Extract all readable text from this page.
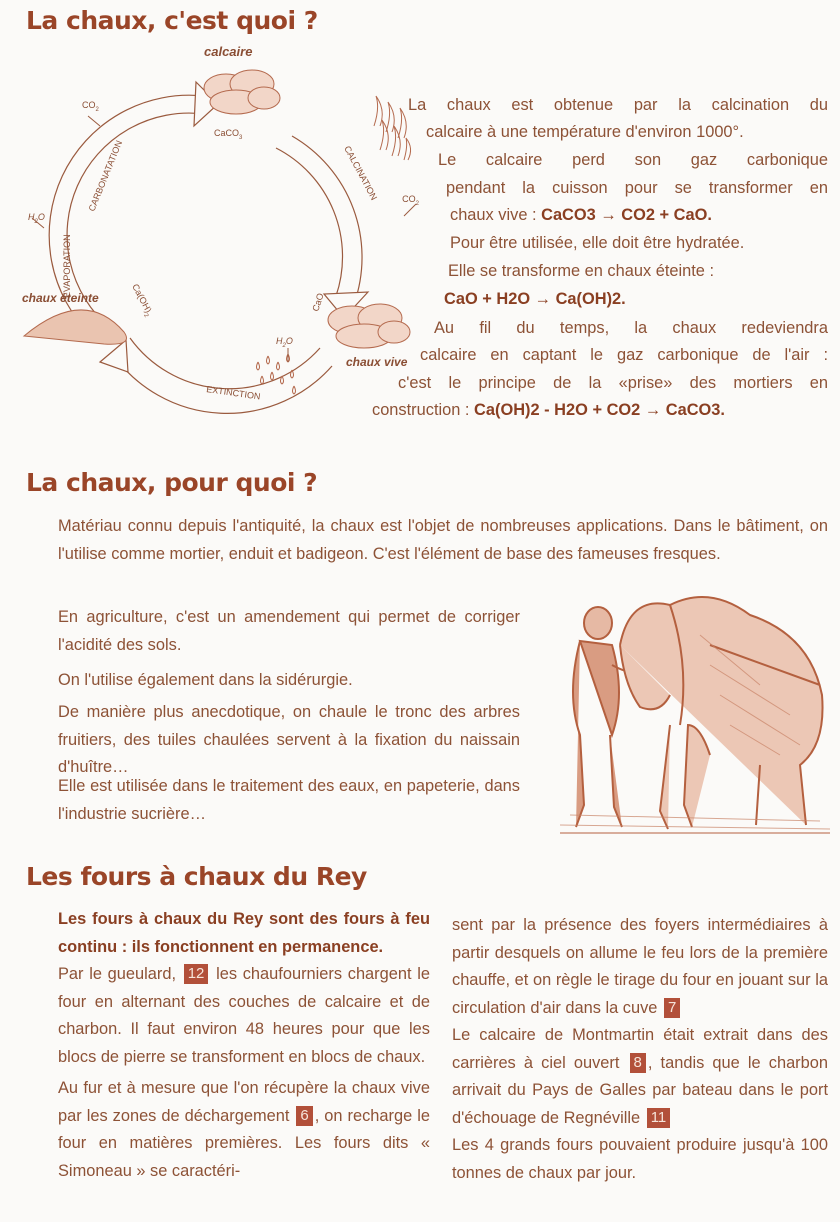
La chaux, c'est quoi ?
calcaire
CaCO$_3$
CALCINATION	$CO_2$
$CO_2$
CARBONATATION
$H_2O$
ÉVAPORATION
chaux éteinte	$Ca(OH)_2$
CaO
chaux vive
$H_2O$
EXTINCTION
La chaux est obtenue par la calcination du
calcaire à une température d'environ 1000°.
Le calcaire perd son gaz carbonique
pendant la cuisson pour se transformer en
chaux vive : CaCO3 → CO2 + CaO.
Pour être utilisée, elle doit être hydratée.
Elle se transforme en chaux éteinte :
CaO + H2O → Ca(OH)2.
Au fil du temps, la chaux redeviendra
calcaire en captant le gaz carbonique de l'air :
c'est le principe de la «prise» des mortiers en
construction : Ca(OH)2 - H2O + CO2 → CaCO3.
La chaux, pour quoi ?

Matériau connu depuis l'antiquité, la chaux est l'objet de nombreuses applications. Dans le bâtiment, on l'utilise comme mortier, enduit et badigeon. C'est l'élément de base des fameuses fresques.

En agriculture, c'est un amendement qui permet de corriger l'acidité des sols.

On l'utilise également dans la sidérurgie.

De manière plus anecdotique, on chaule le tronc des arbres fruitiers, des tuiles chaulées servent à la fixation du naissain d'huître…

Elle est utilisée dans le traitement des eaux, en papeterie, dans l'industrie sucrière…

Les fours à chaux du Rey

Les fours à chaux du Rey sont des fours à feu continu : ils fonctionnent en permanence.

Par le gueulard, 12 les chaufourniers chargent le four en alternant des couches de calcaire et de charbon. Il faut environ 48 heures pour que les blocs de pierre se transforment en blocs de chaux.

Au fur et à mesure que l'on récupère la chaux vive par les zones de déchargement 6 , on recharge le four en matières premières. Les fours dits « Simoneau » se caractéri-

sent par la présence des foyers intermédiaires à partir desquels on allume le feu lors de la première chauffe, et on règle le tirage du four en jouant sur la circulation d'air dans la cuve 7

Le calcaire de Montmartin était extrait dans des carrières à ciel ouvert 8 , tandis que le charbon arrivait du Pays de Galles par bateau dans le port d'échouage de Regnéville 11

Les 4 grands fours pouvaient produire jusqu'à 100 tonnes de chaux par jour.
